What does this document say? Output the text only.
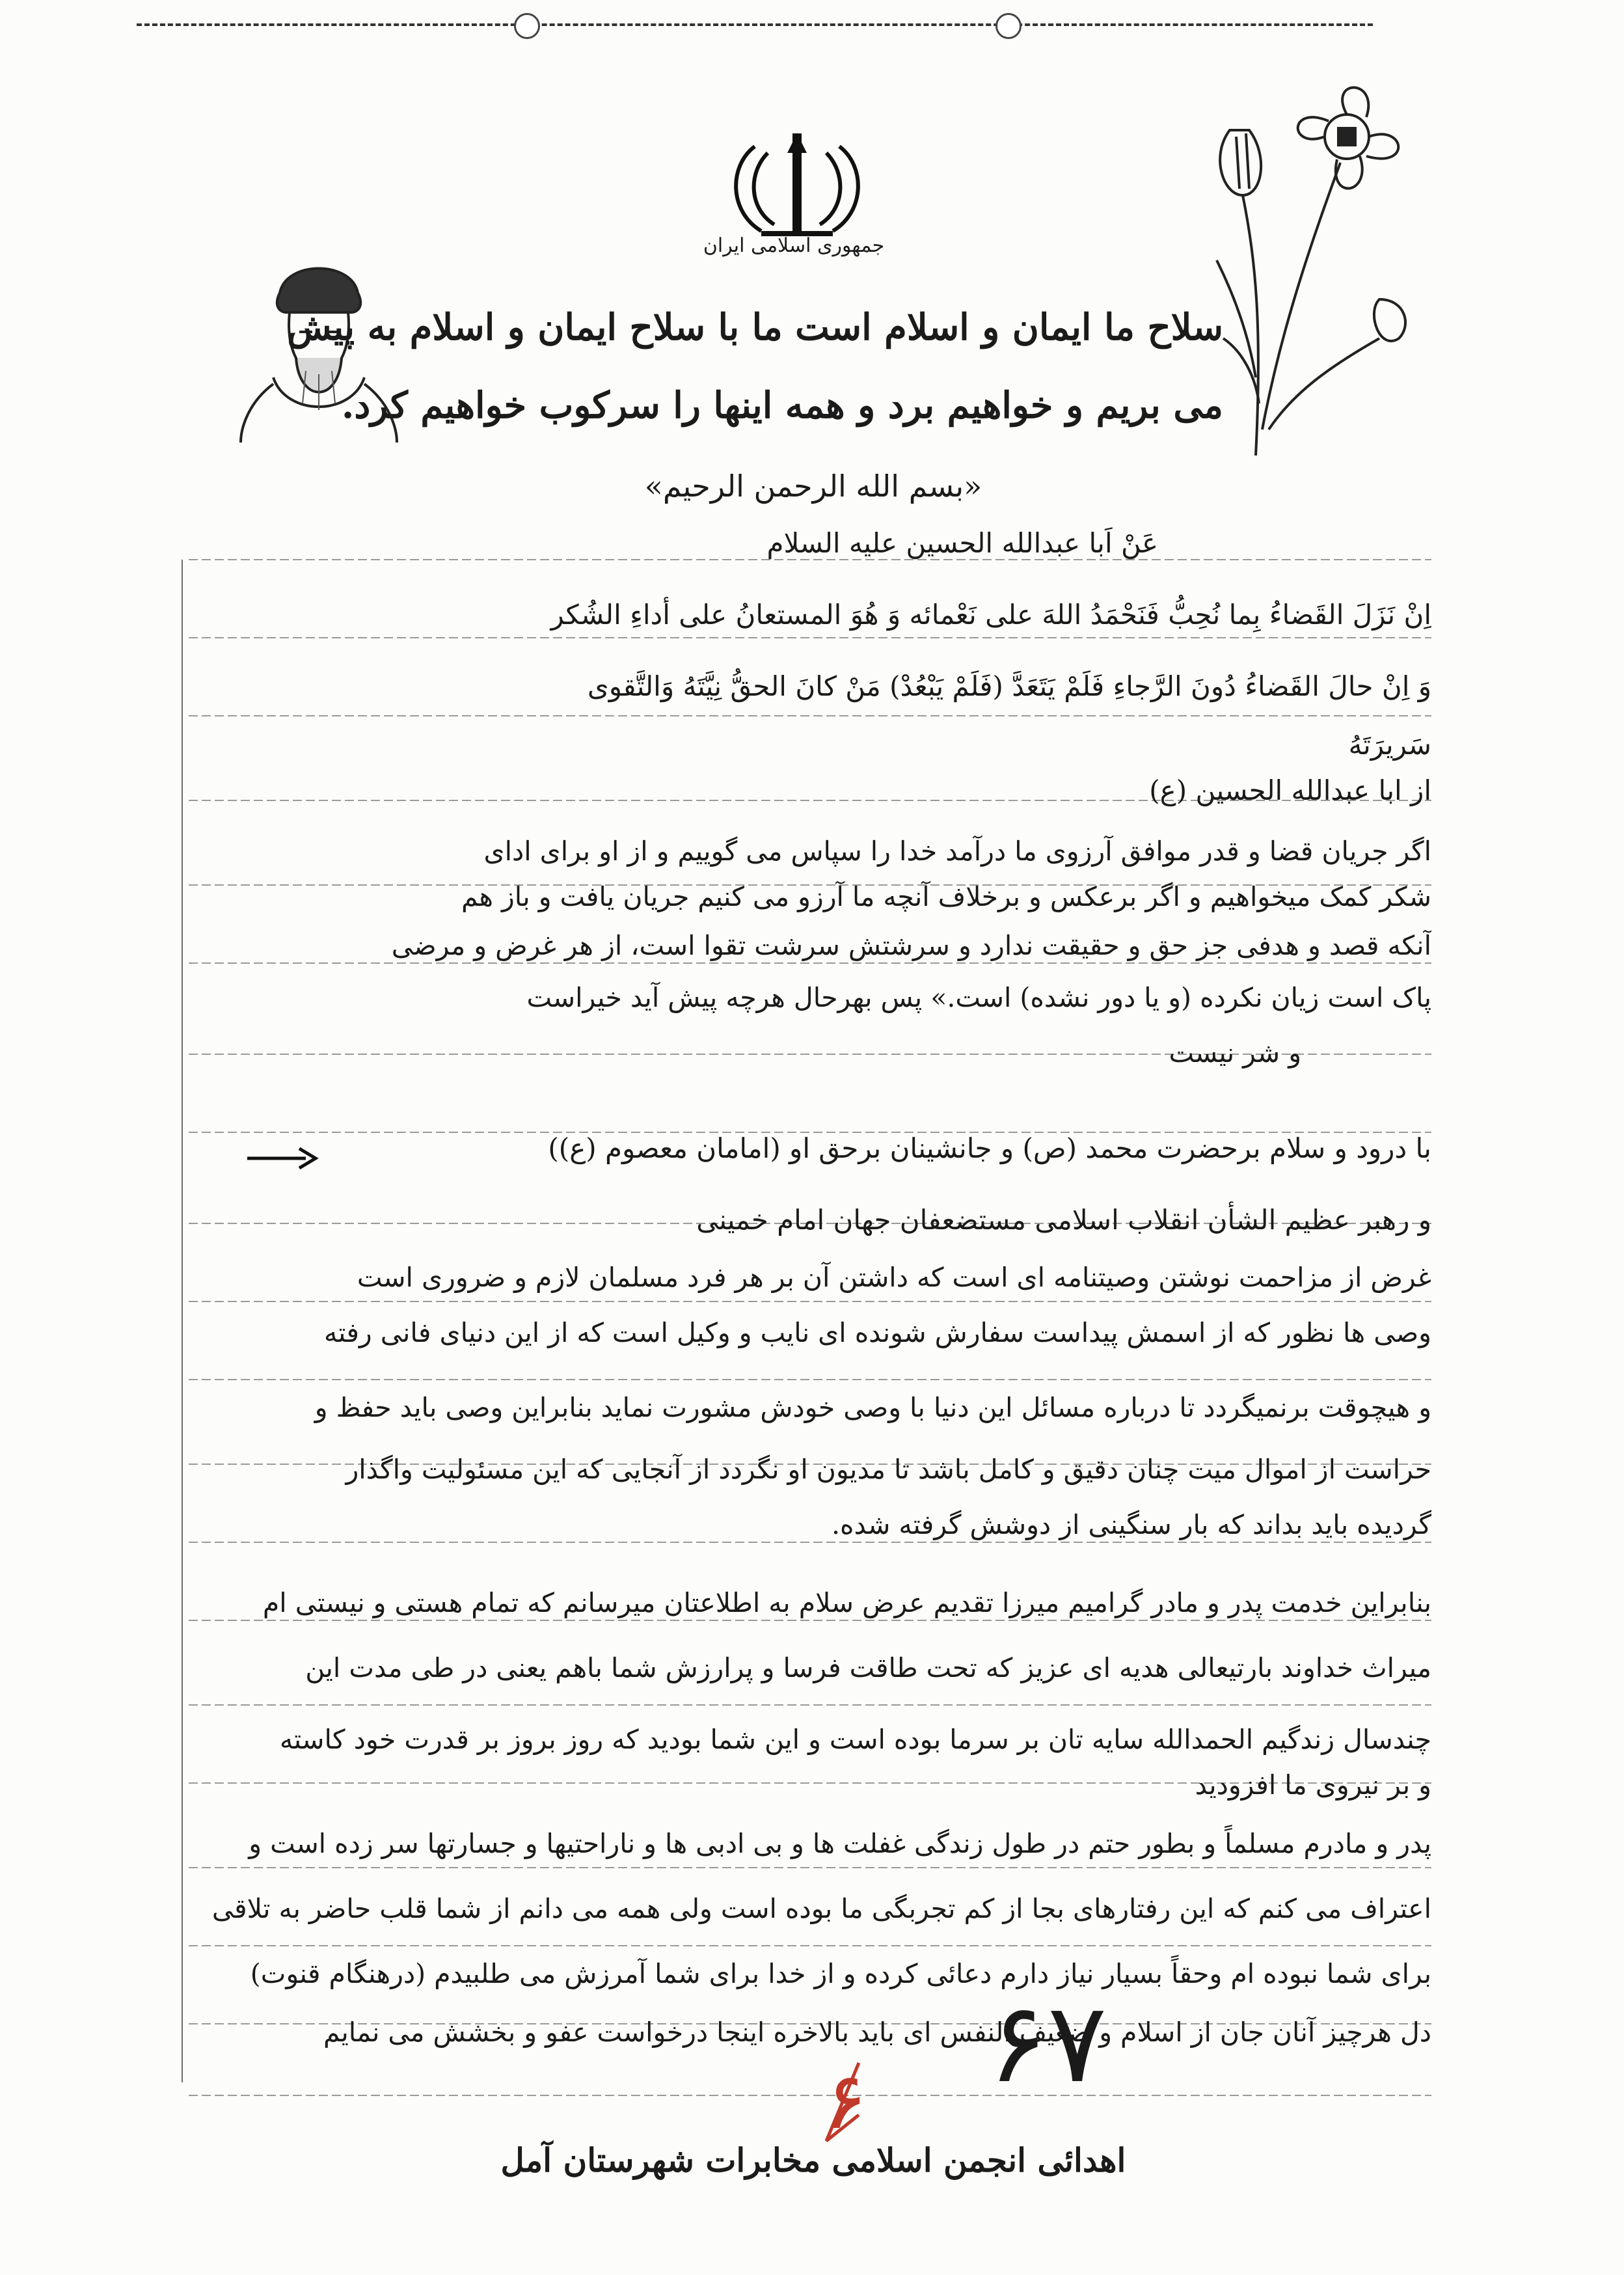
جمهوری اسلامی ایران
سلاح ما ایمان و اسلام است ما با سلاح ایمان و اسلام به پیش
می بریم و خواهیم برد و همه اینها را سرکوب خواهیم کرد.
«بسم الله الرحمن الرحیم»
عَنْ اَبا عبدالله الحسین علیه السلام
اِنْ نَزَلَ القَضاءُ بِما نُحِبُّ فَنَحْمَدُ اللهَ علی نَعْمائه وَ هُوَ المستعانُ علی أداءِ الشُکر
وَ اِنْ حالَ القَضاءُ دُونَ الرَّجاءِ فَلَمْ یَتَعَدَّ (فَلَمْ یَبْعُدْ) مَنْ کانَ الحقُّ نِیَّتَهُ وَالتَّقوی
سَریرَتَهُ
از ابا عبدالله الحسین (ع)
اگر جریان قضا و قدر موافق آرزوی ما درآمد خدا را سپاس می گوییم و از او برای ادای
شکر کمک میخواهیم و اگر برعکس و برخلاف آنچه ما آرزو می کنیم جریان یافت و باز هم
آنکه قصد و هدفی جز حق و حقیقت ندارد و سرشتش سرشت تقوا است، از هر غرض و مرضی
پاک است زیان نکرده (و یا دور نشده) است.» پس بهرحال هرچه پیش آید خیراست
و شر نیست
با درود و سلام برحضرت محمد (ص) و جانشینان برحق او (امامان معصوم (ع))
و رهبر عظیم الشأن انقلاب اسلامی مستضعفان جهان امام خمینی
غرض از مزاحمت نوشتن وصیتنامه ای است که داشتن آن بر هر فرد مسلمان لازم و ضروری است
وصی ها نظور که از اسمش پیداست سفارش شونده ای نایب و وکیل است که از این دنیای فانی رفته
و هیچوقت برنمیگردد تا درباره مسائل این دنیا با وصی خودش مشورت نماید بنابراین وصی باید حفظ و
حراست از اموال میت چنان دقیق و کامل باشد تا مدیون او نگردد از آنجایی که این مسئولیت واگذار
گردیده باید بداند که بار سنگینی از دوشش گرفته شده.
بنابراین خدمت پدر و مادر گرامیم میرزا تقدیم عرض سلام به اطلاعتان میرسانم که تمام هستی و نیستی ام
میراث خداوند بارتیعالی هدیه ای عزیز که تحت طاقت فرسا و پرارزش شما باهم یعنی در طی مدت این
چندسال زندگیم الحمدالله سایه تان بر سرما بوده است و این شما بودید که روز بروز بر قدرت خود کاسته
و بر نیروی ما افزودید
پدر و مادرم مسلماً و بطور حتم در طول زندگی غفلت ها و بی ادبی ها و ناراحتیها و جسارتها سر زده است و
اعتراف می کنم که این رفتارهای بجا از کم تجربگی ما بوده است ولی همه می دانم از شما قلب حاضر به تلاقی
برای شما نبوده ام وحقاً بسیار نیاز دارم دعائی کرده و از خدا برای شما آمرزش می طلبیدم (درهنگام قنوت)
دل هرچیز آنان جان از اسلام و ضعیف النفس ای باید بالاخره اینجا درخواست عفو و بخشش می نمایم
۶۷
۶
اهدائی انجمن اسلامی مخابرات شهرستان آمل
